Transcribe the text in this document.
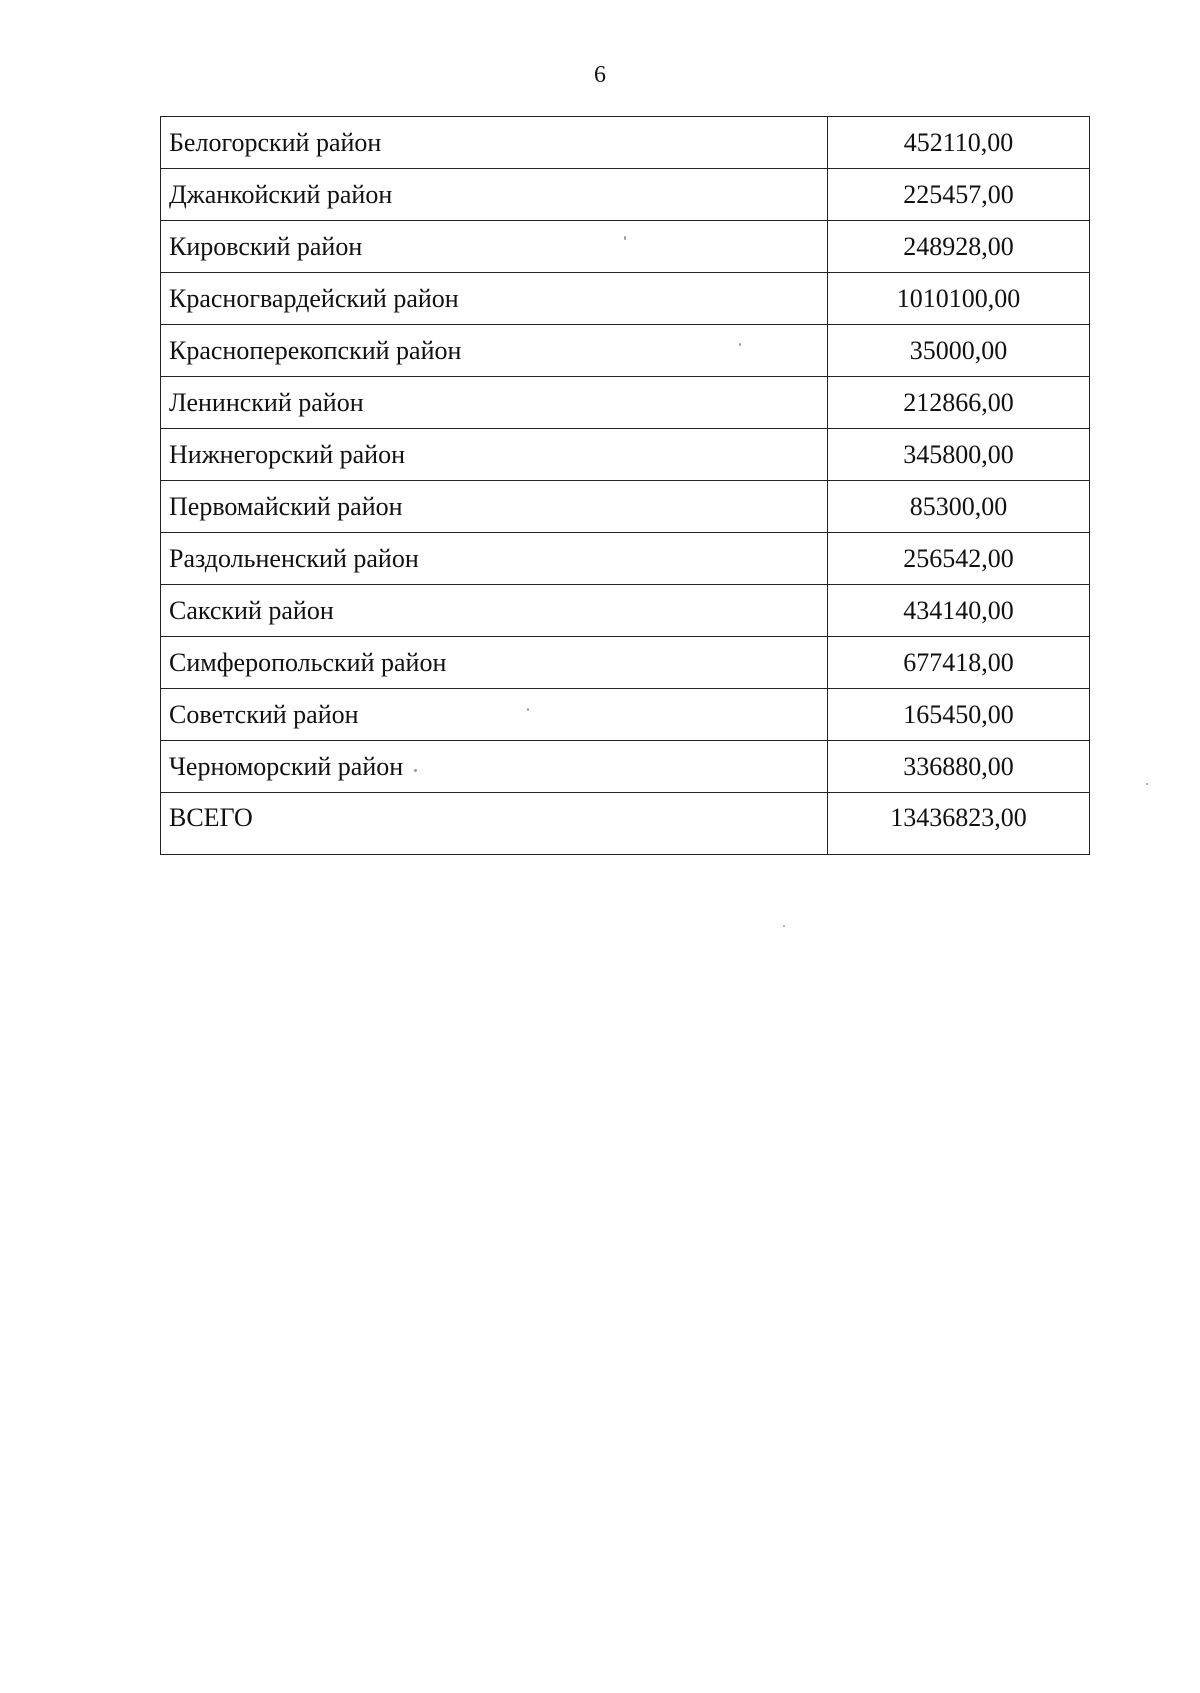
6
Белогорский район	452110,00
Джанкойский район	225457,00
Кировский район	248928,00
Красногвардейский район	1010100,00
Красноперекопский район	35000,00
Ленинский район	212866,00
Нижнегорский район	345800,00
Первомайский район	85300,00
Раздольненский район	256542,00
Сакский район	434140,00
Симферопольский район	677418,00
Советский район	165450,00
Черноморский район	336880,00
ВСЕГО	13436823,00
